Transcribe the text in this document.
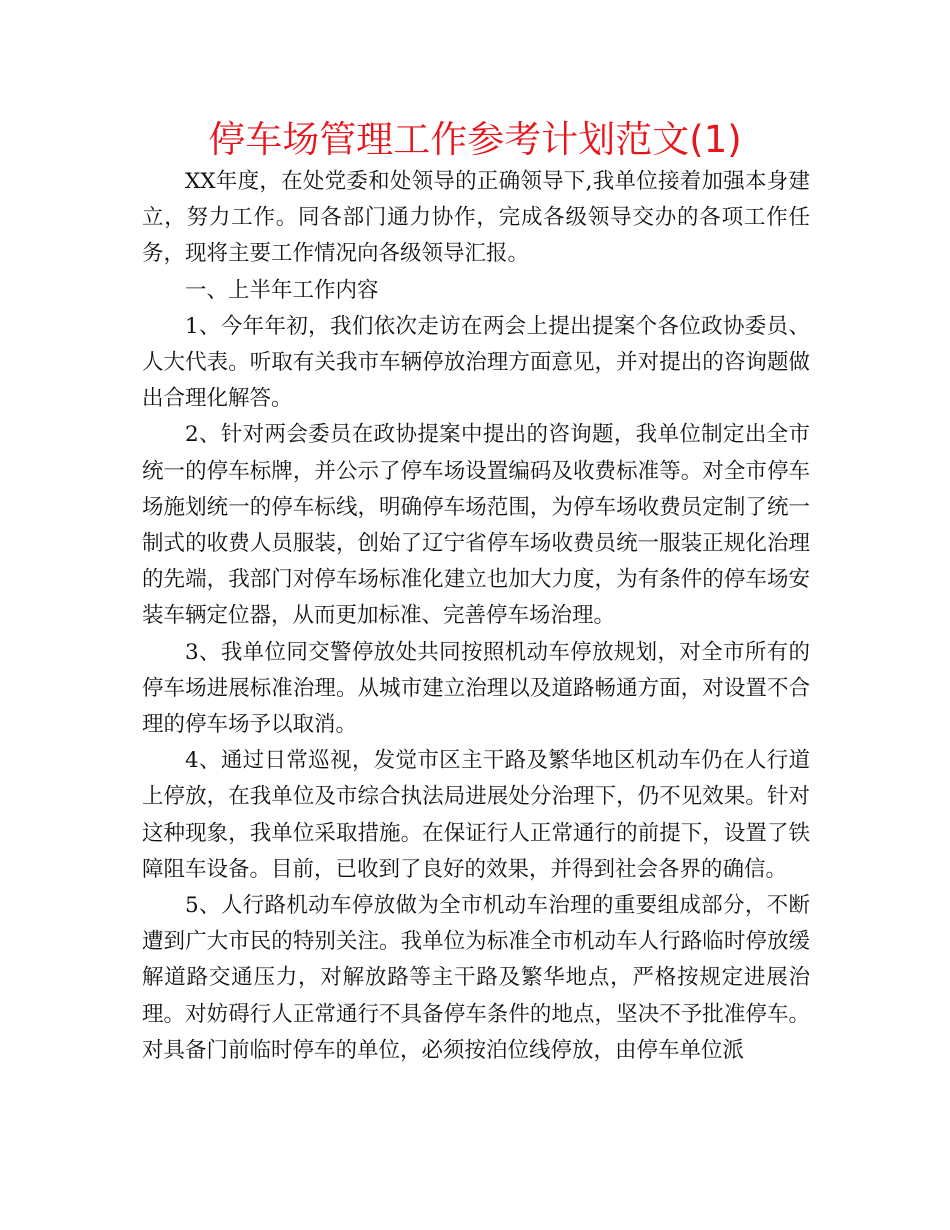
停车场管理工作参考计划范文(1)

XX年度，在处党委和处领导的正确领导下,我单位接着加强本身建立，努力工作。同各部门通力协作，完成各级领导交办的各项工作任务，现将主要工作情况向各级领导汇报。

一、上半年工作内容

1、今年年初，我们依次走访在两会上提出提案个各位政协委员、人大代表。听取有关我市车辆停放治理方面意见，并对提出的咨询题做出合理化解答。

2、针对两会委员在政协提案中提出的咨询题，我单位制定出全市统一的停车标牌，并公示了停车场设置编码及收费标准等。对全市停车场施划统一的停车标线，明确停车场范围，为停车场收费员定制了统一制式的收费人员服装，创始了辽宁省停车场收费员统一服装正规化治理的先端，我部门对停车场标准化建立也加大力度，为有条件的停车场安装车辆定位器，从而更加标准、完善停车场治理。

3、我单位同交警停放处共同按照机动车停放规划，对全市所有的停车场进展标准治理。从城市建立治理以及道路畅通方面，对设置不合理的停车场予以取消。

4、通过日常巡视，发觉市区主干路及繁华地区机动车仍在人行道上停放，在我单位及市综合执法局进展处分治理下，仍不见效果。针对这种现象，我单位采取措施。在保证行人正常通行的前提下，设置了铁障阻车设备。目前，已收到了良好的效果，并得到社会各界的确信。

5、人行路机动车停放做为全市机动车治理的重要组成部分，不断遭到广大市民的特别关注。我单位为标准全市机动车人行路临时停放缓解道路交通压力，对解放路等主干路及繁华地点，严格按规定进展治理。对妨碍行人正常通行不具备停车条件的地点，坚决不予批准停车。对具备门前临时停车的单位，必须按泊位线停放，由停车单位派
